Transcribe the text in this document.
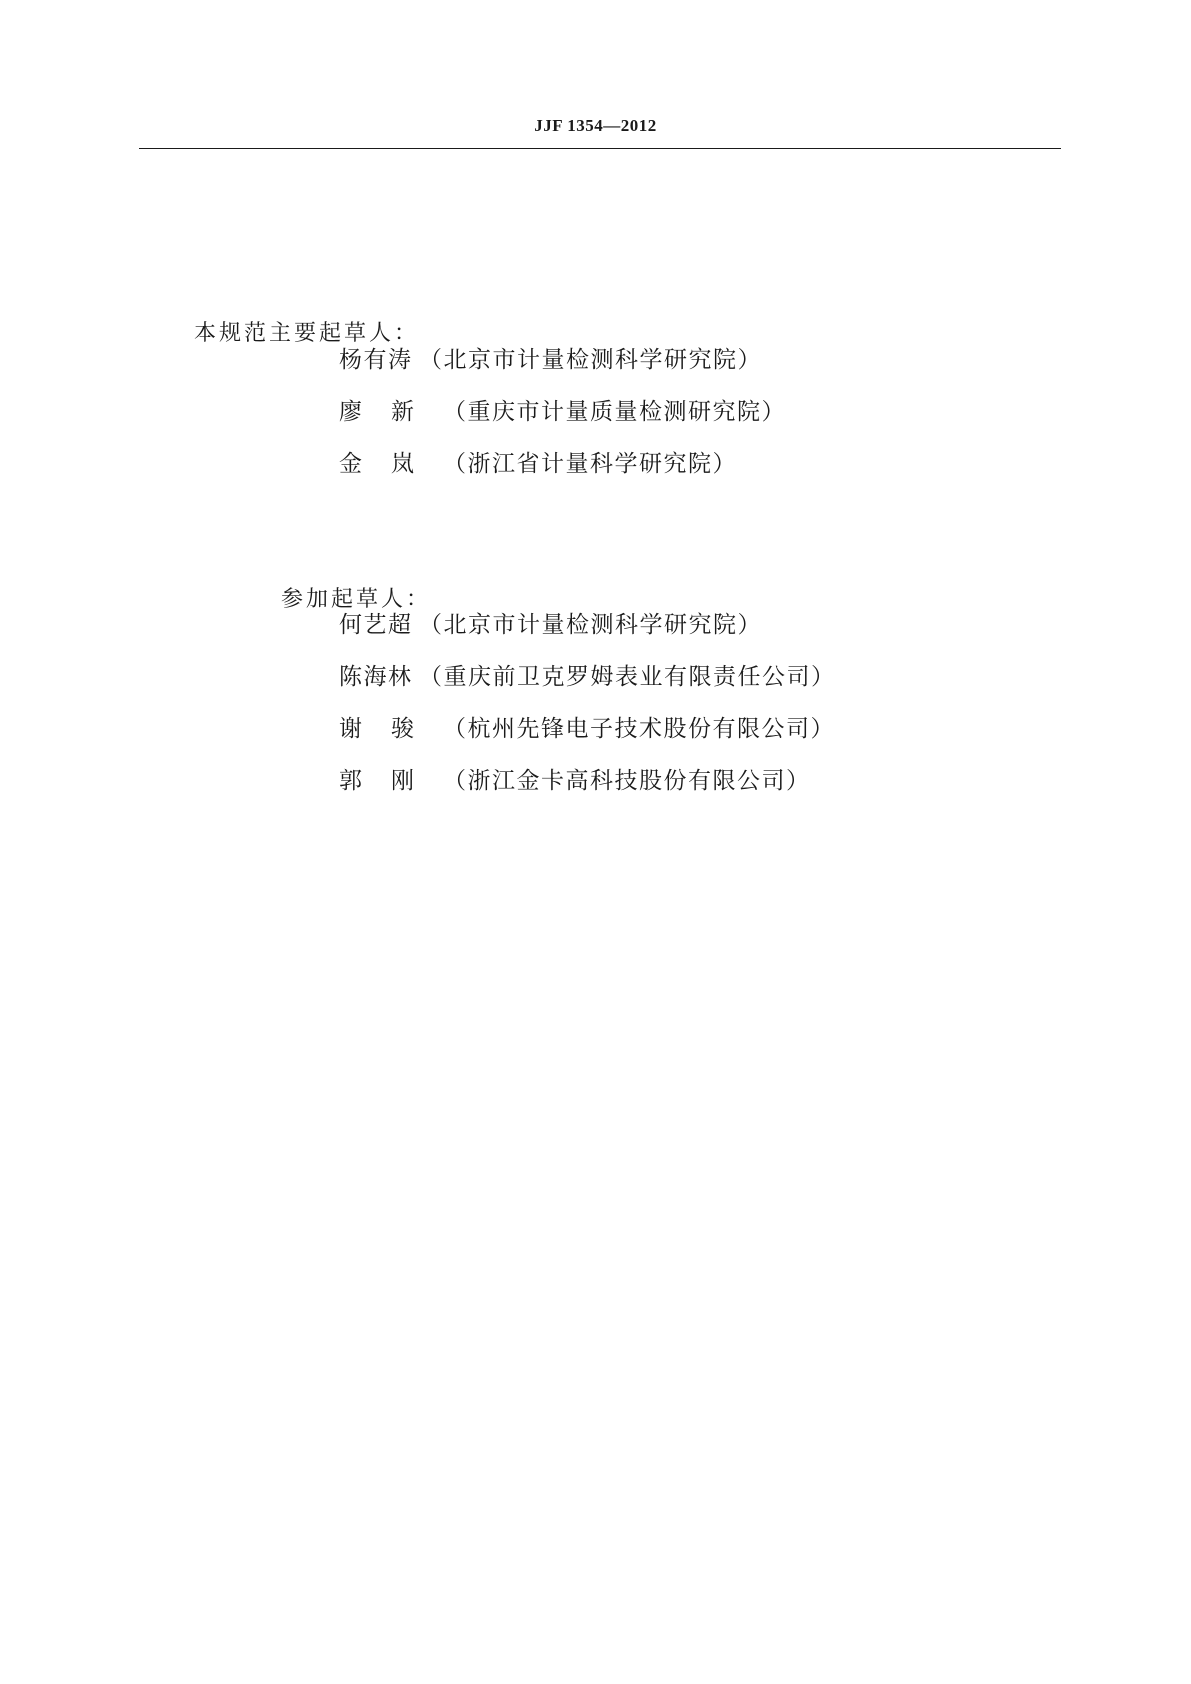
JJF 1354—2012
本规范主要起草人：
杨有涛 （北京市计量检测科学研究院）
廖新（重庆市计量质量检测研究院）
金岚（浙江省计量科学研究院）
参加起草人：
何艺超 （北京市计量检测科学研究院）
陈海林 （重庆前卫克罗姆表业有限责任公司）
谢骏（杭州先锋电子技术股份有限公司）
郭刚（浙江金卡高科技股份有限公司）
